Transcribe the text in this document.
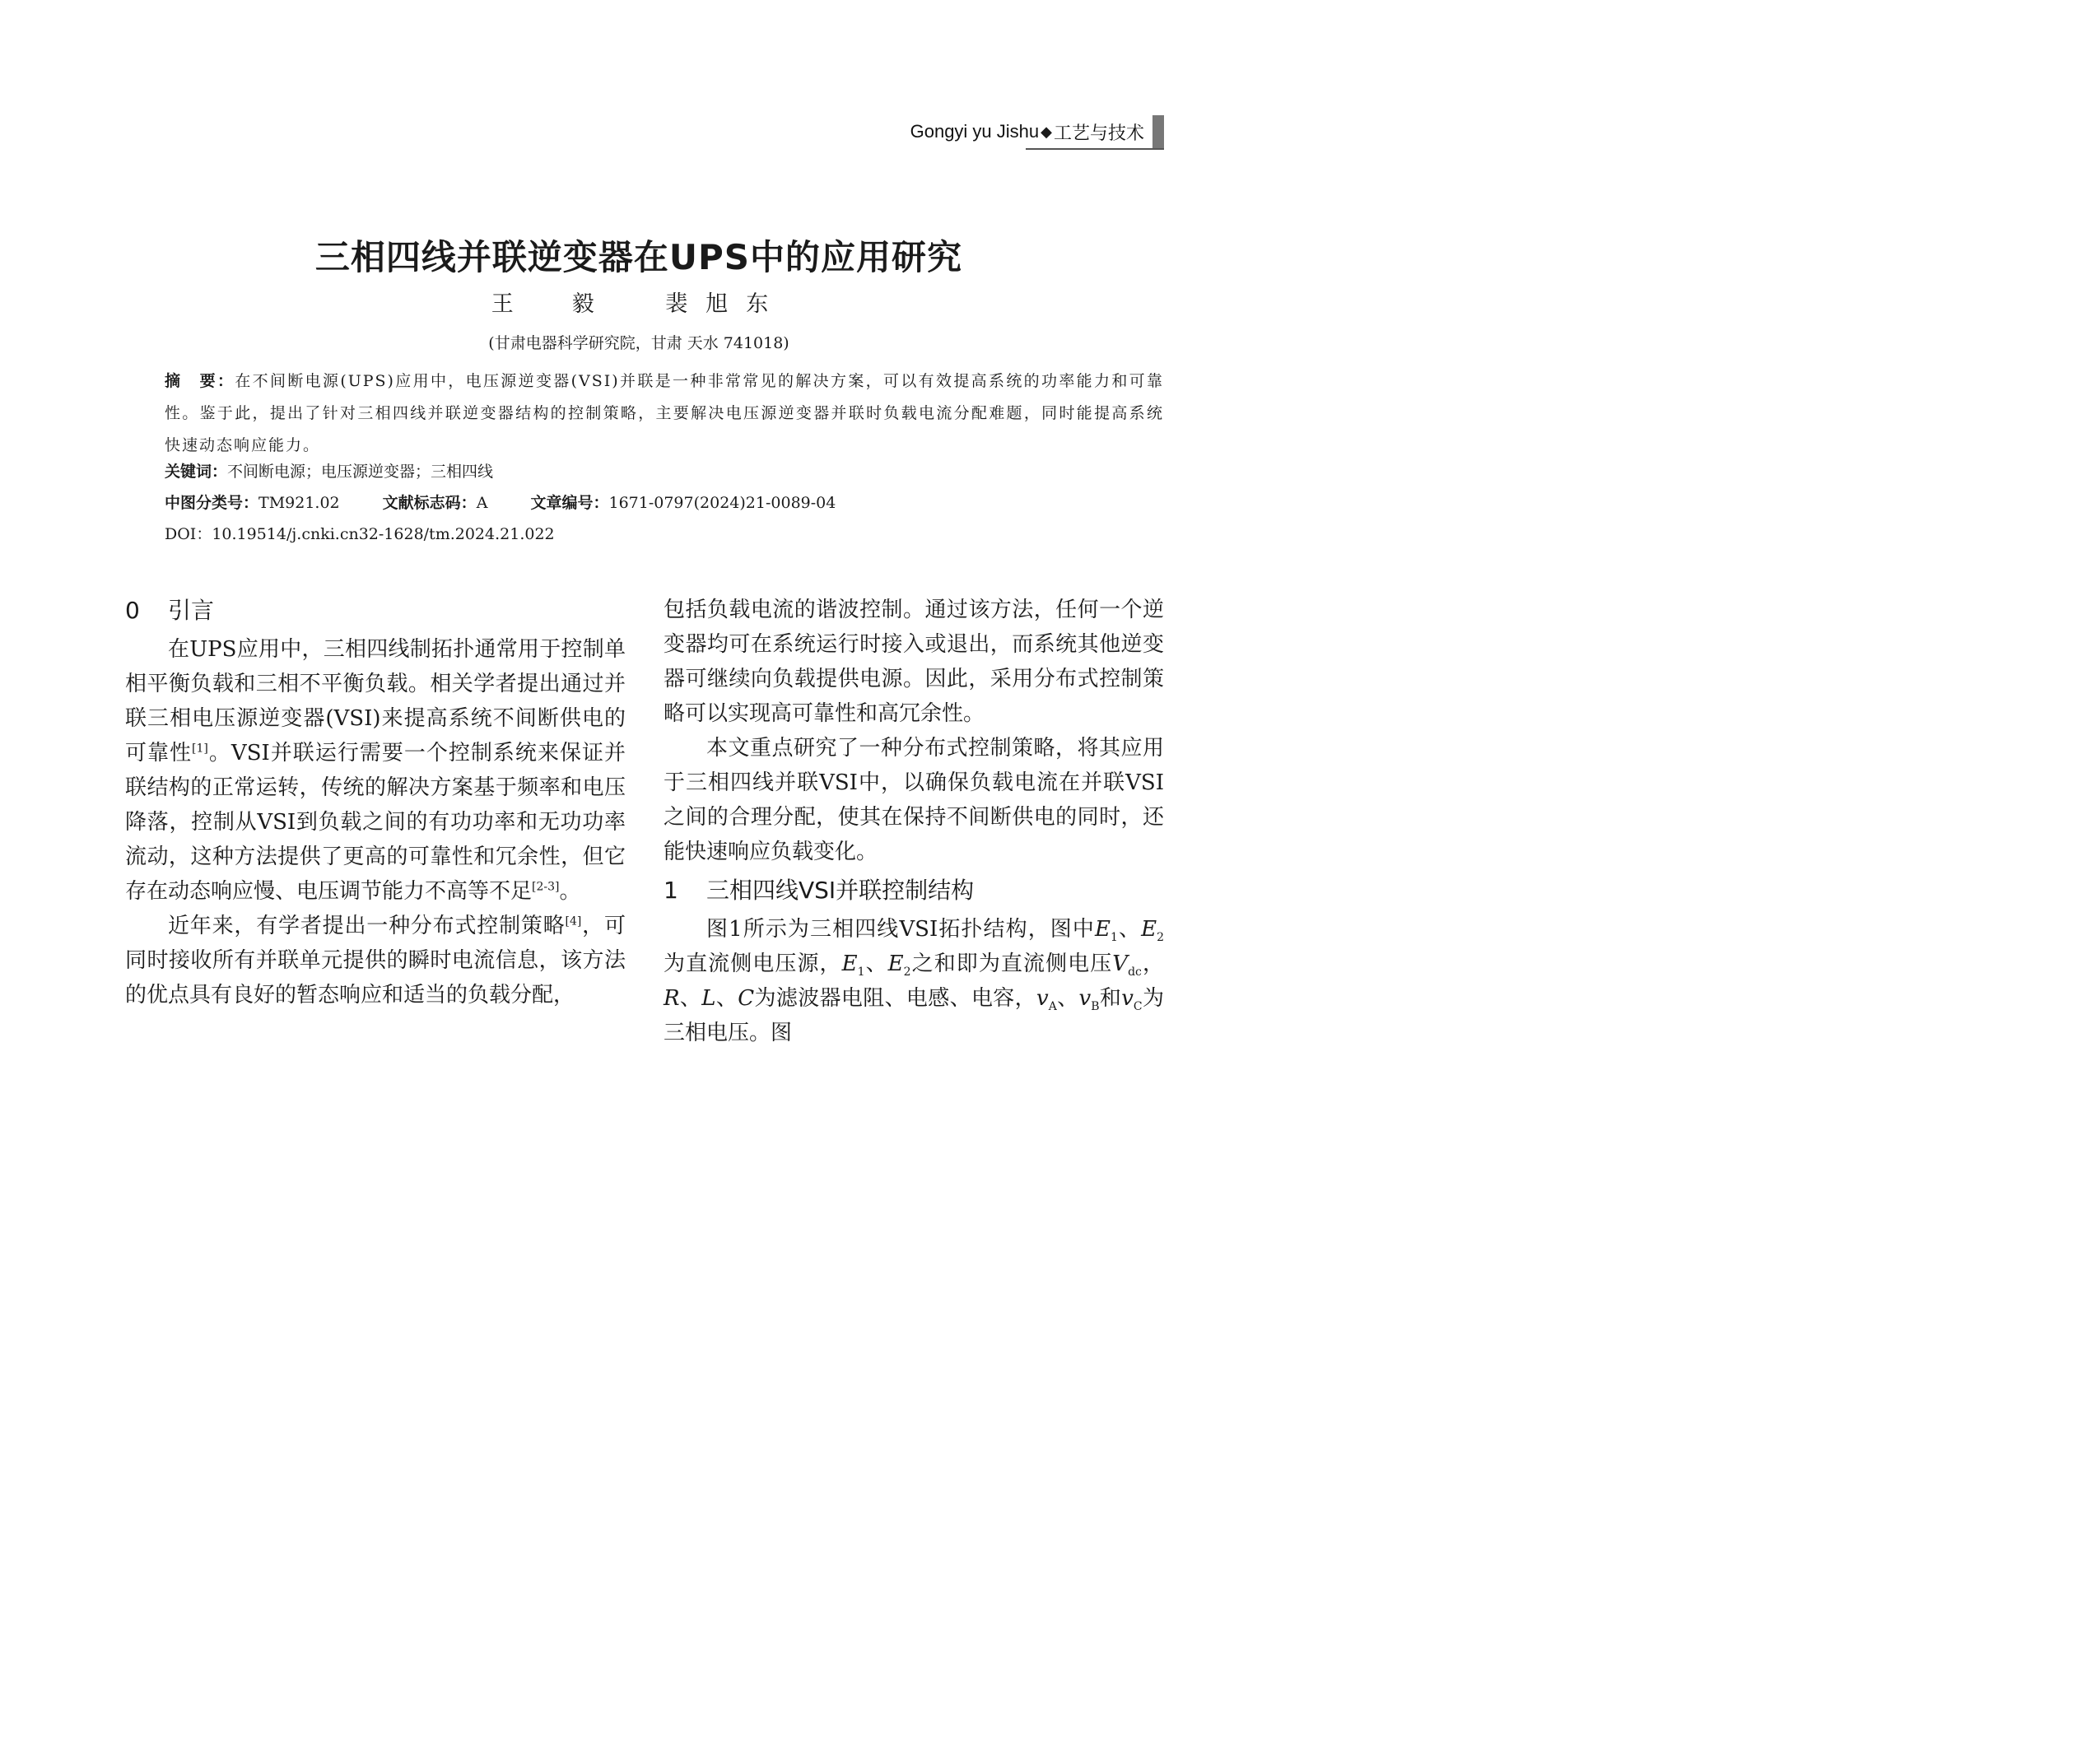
Gongyi yu Jishu ◆ 工艺与技术
三相四线并联逆变器在UPS中的应用研究
王　毅 裴旭东
(甘肃电器科学研究院，甘肃 天水 741018)
摘　要：在不间断电源(UPS)应用中，电压源逆变器(VSI)并联是一种非常常见的解决方案，可以有效提高系统的功率能力和可靠性。鉴于此，提出了针对三相四线并联逆变器结构的控制策略，主要解决电压源逆变器并联时负载电流分配难题，同时能提高系统快速动态响应能力。
关键词：不间断电源；电压源逆变器；三相四线
中图分类号：TM921.02	文献标志码：A	文章编号：1671-0797(2024)21-0089-04
DOI：10.19514/j.cnki.cn32-1628/tm.2024.21.022
0 引言

在UPS应用中，三相四线制拓扑通常用于控制单相平衡负载和三相不平衡负载。相关学者提出通过并联三相电压源逆变器(VSI)来提高系统不间断供电的可靠性[1]。VSI并联运行需要一个控制系统来保证并联结构的正常运转，传统的解决方案基于频率和电压降落，控制从VSI到负载之间的有功功率和无功功率流动，这种方法提供了更高的可靠性和冗余性，但它存在动态响应慢、电压调节能力不高等不足[2-3]。

近年来，有学者提出一种分布式控制策略[4]，可同时接收所有并联单元提供的瞬时电流信息，该方法的优点具有良好的暂态响应和适当的负载分配，

包括负载电流的谐波控制。通过该方法，任何一个逆变器均可在系统运行时接入或退出，而系统其他逆变器可继续向负载提供电源。因此，采用分布式控制策略可以实现高可靠性和高冗余性。

本文重点研究了一种分布式控制策略，将其应用于三相四线并联VSI中，以确保负载电流在并联VSI之间的合理分配，使其在保持不间断供电的同时，还能快速响应负载变化。

1 三相四线VSI并联控制结构

图1所示为三相四线VSI拓扑结构，图中$E_1$、$E_2$为直流侧电压源，$E_1$、$E_2$之和即为直流侧电压$V_{dc}$，R、L、C为滤波器电阻、电感、电容，$v_A$、$v_B$和$v_C$为三相电压。图
